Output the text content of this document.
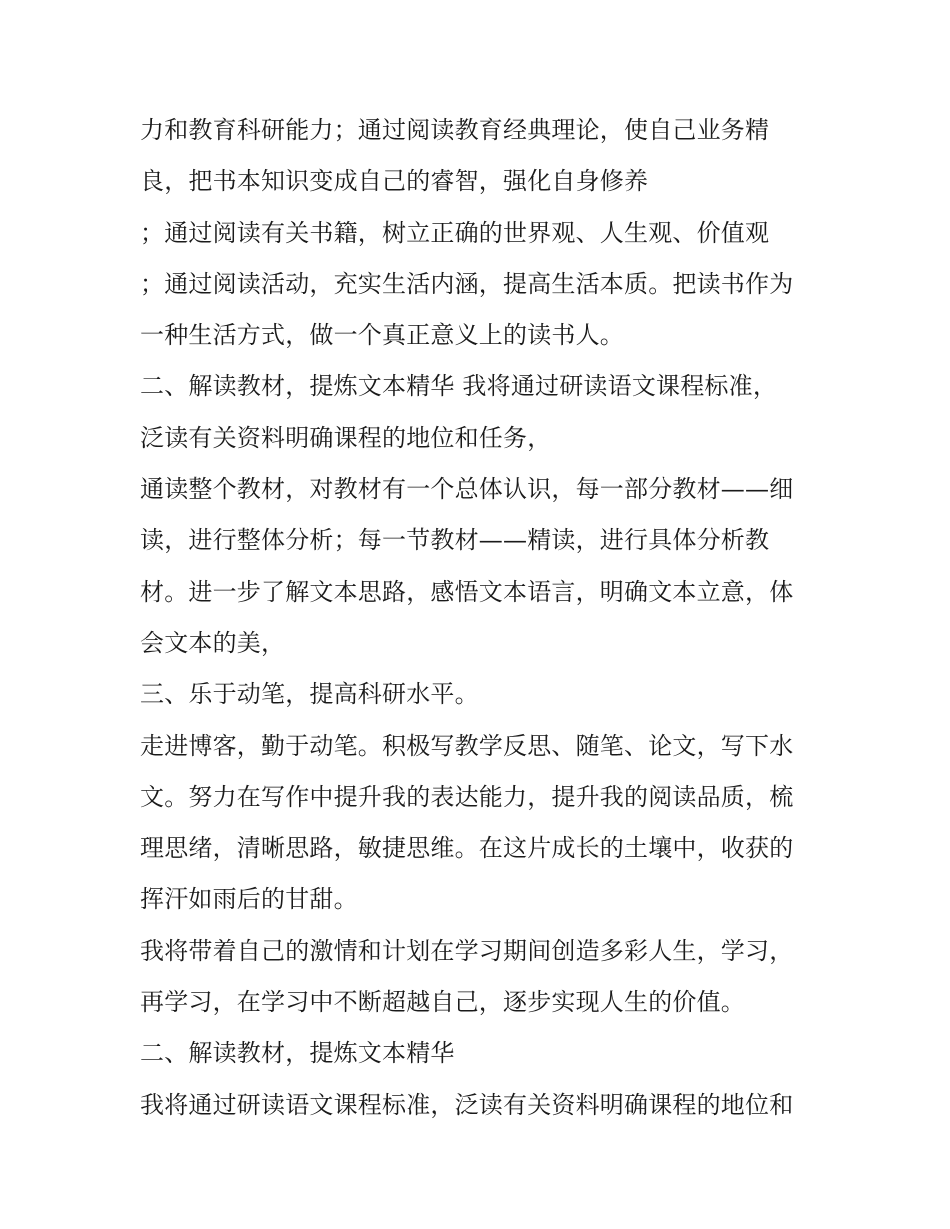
力和教育科研能力；通过阅读教育经典理论，使自己业务精
良，把书本知识变成自己的睿智，强化自身修养
；通过阅读有关书籍，树立正确的世界观、人生观、价值观
；通过阅读活动，充实生活内涵，提高生活本质。把读书作为
一种生活方式，做一个真正意义上的读书人。
二、解读教材，提炼文本精华 我将通过研读语文课程标准，
泛读有关资料明确课程的地位和任务，
通读整个教材，对教材有一个总体认识，每一部分教材——细
读，进行整体分析；每一节教材——精读，进行具体分析教
材。进一步了解文本思路，感悟文本语言，明确文本立意，体
会文本的美，
三、乐于动笔，提高科研水平。
走进博客，勤于动笔。积极写教学反思、随笔、论文，写下水
文。努力在写作中提升我的表达能力，提升我的阅读品质，梳
理思绪，清晰思路，敏捷思维。在这片成长的土壤中，收获的
挥汗如雨后的甘甜。
我将带着自己的激情和计划在学习期间创造多彩人生，学习，
再学习，在学习中不断超越自己，逐步实现人生的价值。
二、解读教材，提炼文本精华
我将通过研读语文课程标准，泛读有关资料明确课程的地位和
